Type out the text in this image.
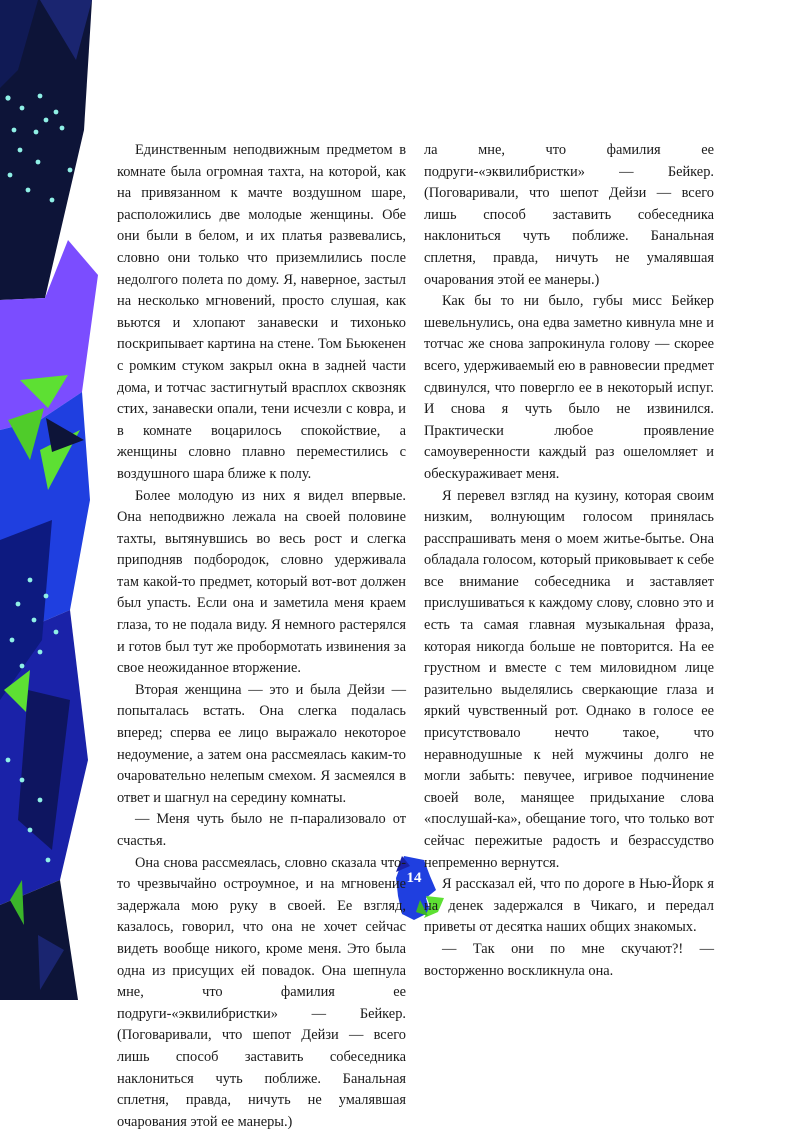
Единственным неподвижным предметом в комнате была огромная тахта, на которой, как на привязанном к мачте воздушном шаре, расположились две молодые женщины. Обе они были в белом, и их платья развевались, словно они только что приземлились после недолгого полета по дому. Я, наверное, застыл на несколько мгновений, просто слушая, как вьются и хлопают занавески и тихонько поскрипывает картина на стене. Том Бьюкенен с ромким стуком закрыл окна в задней части дома, и тотчас застигнутый врасплох сквозняк стих, занавески опали, тени исчезли с ковра, и в комнате воцарилось спокойствие, а женщины словно плавно переместились с воздушного шара ближе к полу.

Более молодую из них я видел впервые. Она неподвижно лежала на своей половине тахты, вытянувшись во весь рост и слегка приподняв подбородок, словно удерживала там какой-то предмет, который вот-вот должен был упасть. Если она и заметила меня краем глаза, то не подала виду. Я немного растерялся и готов был тут же пробормотать извинения за свое неожиданное вторжение.

Вторая женщина — это и была Дейзи — попыталась встать. Она слегка подалась вперед; сперва ее лицо выражало некоторое недоумение, а затем она рассмеялась каким-то очаровательно нелепым смехом. Я засмеялся в ответ и шагнул на середину комнаты.

— Меня чуть было не п-парализовало от счастья.

Она снова рассмеялась, словно сказала что-то чрезвычайно остроумное, и на мгновение задержала мою руку в своей. Ее взгляд, казалось, говорил, что она не хочет сейчас видеть вообще никого, кроме меня. Это была одна из присущих ей повадок. Она шепнула мне, что фамилия ее подруги-«эквилибристки» — Бейкер. (Поговаривали, что шепот Дейзи — всего лишь способ заставить собеседника наклониться чуть поближе. Банальная сплетня, правда, ничуть не умалявшая очарования этой ее манеры.)

ла мне, что фамилия ее подруги-«эквилибристки» — Бейкер. (Поговаривали, что шепот Дейзи — всего лишь способ заставить собеседника наклониться чуть поближе. Банальная сплетня, правда, ничуть не умалявшая очарования этой ее манеры.)

Как бы то ни было, губы мисс Бейкер шевельнулись, она едва заметно кивнула мне и тотчас же снова запрокинула голову — скорее всего, удерживаемый ею в равновесии предмет сдвинулся, что повергло ее в некоторый испуг. И снова я чуть было не извинился. Практически любое проявление самоуверенности каждый раз ошеломляет и обескураживает меня.

Я перевел взгляд на кузину, которая своим низким, волнующим голосом принялась расспрашивать меня о моем житье-бытье. Она обладала голосом, который приковывает к себе все внимание собеседника и заставляет прислушиваться к каждому слову, словно это и есть та самая главная музыкальная фраза, которая никогда больше не повторится. На ее грустном и вместе с тем миловидном лице разительно выделялись сверкающие глаза и яркий чувственный рот. Однако в голосе ее присутствовало нечто такое, что неравнодушные к ней мужчины долго не могли забыть: певучее, игривое подчинение своей воле, манящее придыхание слова «послушай-ка», обещание того, что только вот сейчас пережитые радость и безрассудство непременно вернутся.

Я рассказал ей, что по дороге в Нью-Йорк я на денек задержался в Чикаго, и передал приветы от десятка наших общих знакомых.

— Так они по мне скучают?! — восторженно воскликнула она.

14
